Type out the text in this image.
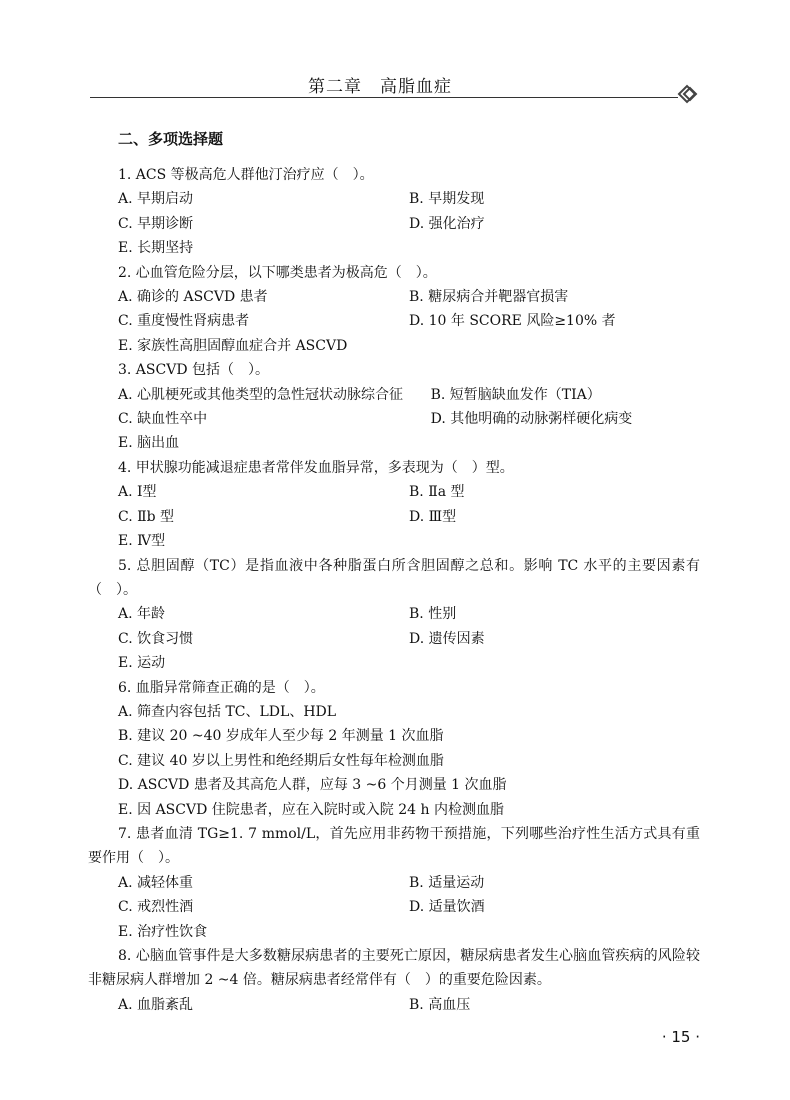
第二章　高脂血症
二、多项选择题
1. ACS 等极高危人群他汀治疗应（　）。
A. 早期启动	B. 早期发现
C. 早期诊断	D. 强化治疗
E. 长期坚持
2. 心血管危险分层，以下哪类患者为极高危（　）。
A. 确诊的 ASCVD 患者	B. 糖尿病合并靶器官损害
C. 重度慢性肾病患者	D. 10 年 SCORE 风险≥10% 者
E. 家族性高胆固醇血症合并 ASCVD
3. ASCVD 包括（　）。
A. 心肌梗死或其他类型的急性冠状动脉综合征	B. 短暂脑缺血发作（TIA）
C. 缺血性卒中	D. 其他明确的动脉粥样硬化病变
E. 脑出血
4. 甲状腺功能减退症患者常伴发血脂异常，多表现为（　）型。
A. Ⅰ型	B. Ⅱa 型
C. Ⅱb 型	D. Ⅲ型
E. Ⅳ型
5. 总胆固醇（TC）是指血液中各种脂蛋白所含胆固醇之总和。影响 TC 水平的主要因素有（　）。
A. 年龄	B. 性别
C. 饮食习惯	D. 遗传因素
E. 运动
6. 血脂异常筛查正确的是（　）。
A. 筛查内容包括 TC、LDL、HDL
B. 建议 20 ~40 岁成年人至少每 2 年测量 1 次血脂
C. 建议 40 岁以上男性和绝经期后女性每年检测血脂
D. ASCVD 患者及其高危人群，应每 3 ~6 个月测量 1 次血脂
E. 因 ASCVD 住院患者，应在入院时或入院 24 h 内检测血脂
7. 患者血清 TG≥1. 7 mmol/L，首先应用非药物干预措施，下列哪些治疗性生活方式具有重要作用（　）。
A. 减轻体重	B. 适量运动
C. 戒烈性酒	D. 适量饮酒
E. 治疗性饮食
8. 心脑血管事件是大多数糖尿病患者的主要死亡原因，糖尿病患者发生心脑血管疾病的风险较非糖尿病人群增加 2 ~4 倍。糖尿病患者经常伴有（　）的重要危险因素。
A. 血脂紊乱	B. 高血压
· 15 ·
